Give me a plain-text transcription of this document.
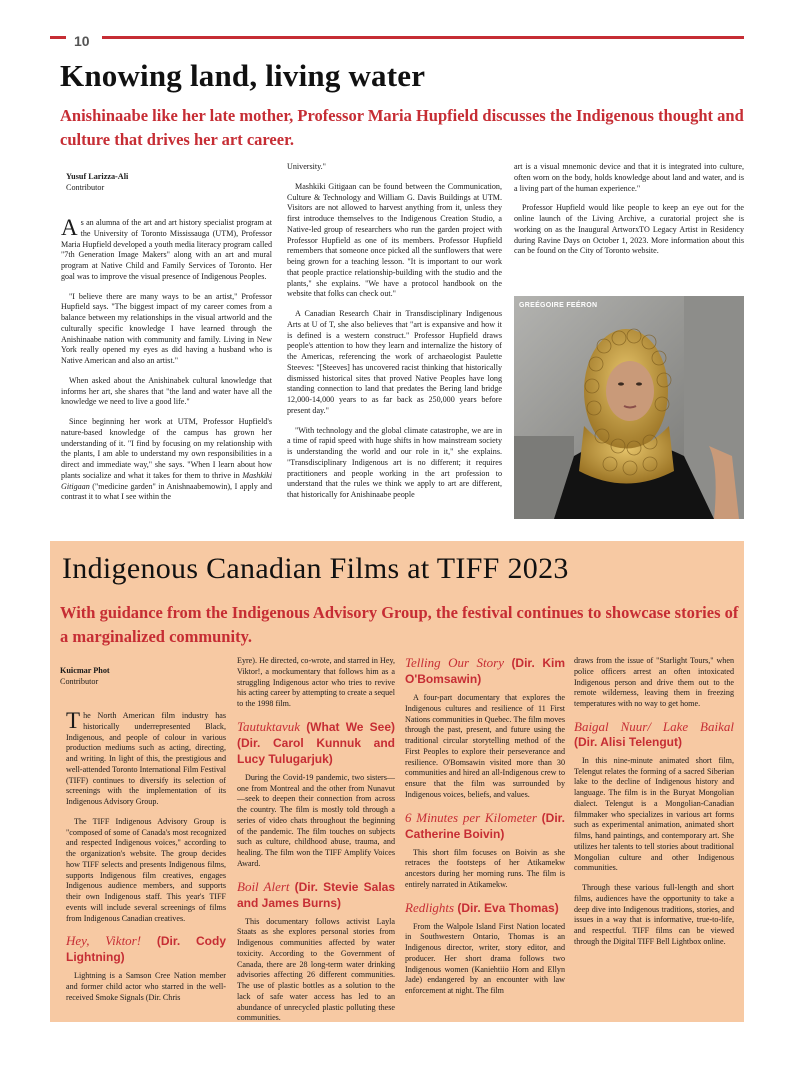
10
Knowing land, living water
Anishinaabe like her late mother, Professor Maria Hupfield discusses the Indigenous thought and culture that drives her art career.
Yusuf Larizza-Ali
Contributor

As an alumna of the art and art history specialist program at the University of Toronto Mississauga (UTM), Professor Maria Hupfield developed a youth media literacy program called "7th Generation Image Makers" along with an art and mural program at Native Child and Family Services of Toronto. Her goal was to improve the visual presence of Indigenous Peoples.

"I believe there are many ways to be an artist," Professor Hupfield says. "The biggest impact of my career comes from a balance between my relationships in the visual artworld and the culturally specific knowledge I have learned through the Anishinaabe nation with community and family. Living in New York really opened my eyes as did having a husband who is Native American and also an artist."

When asked about the Anishinabek cultural knowledge that informs her art, she shares that "the land and water have all the knowledge we need to live a good life."

Since beginning her work at UTM, Professor Hupfield's nature-based knowledge of the campus has grown her understanding of it. "I find by focusing on my relationship with the plants, I am able to understand my own responsibilities in a direct and immediate way," she says. "When I learn about how plants socialize and what it takes for them to thrive in Mashkiki Gitigaan ("medicine garden" in Anishnaabemowin), I apply and contrast it to what I see within the

University."

Mashkiki Gitigaan can be found between the Communication, Culture & Technology and William G. Davis Buildings at UTM. Visitors are not allowed to harvest anything from it, unless they first introduce themselves to the Indigenous Creation Studio, a Native-led group of researchers who run the garden project with Professor Hupfield as one of its members. Professor Hupfield remembers that someone once picked all the sunflowers that were being grown for a teaching lesson. "It is important to our work that people practice relationship-building with the studio and the plants," she explains. "We have a protocol handbook on the website that folks can check out."

A Canadian Research Chair in Transdisciplinary Indigenous Arts at U of T, she also believes that "art is expansive and how it is defined is a western construct." Professor Hupfield draws people's attention to how they learn and internalize the history of the Americas, referencing the work of archaeologist Paulette Steeves: "[Steeves] has uncovered racist thinking that historically dismissed historical sites that proved Native Peoples have long standing connection to land that predates the Bering land bridge 12,000-14,000 years to as far back as 250,000 years before present day."

"With technology and the global climate catastrophe, we are in a time of rapid speed with huge shifts in how mainstream society is understanding the world and our role in it," she explains. "Transdisciplinary Indigenous art is no different; it requires practitioners and people working in the art profession to understand that the rules we think we apply to art are different, that historically for Anishinaabe people

art is a visual mnemonic device and that it is integrated into culture, often worn on the body, holds knowledge about land and water, and is a living part of the human experience."

Professor Hupfield would like people to keep an eye out for the online launch of the Living Archive, a curatorial project she is working on as the Inaugural ArtworxTO Legacy Artist in Residency during Ravine Days on October 1, 2023. More information about this can be found on the City of Toronto website.

GREÉGOIRE FEÉRON
Indigenous Canadian Films at TIFF 2023
With guidance from the Indigenous Advisory Group, the festival continues to showcase stories of a marginalized community.
Kuicmar Phot
Contributor

The North American film industry has historically underrepresented Black, Indigenous, and people of colour in various production mediums such as acting, directing, and writing. In light of this, the prestigious and well-attended Toronto International Film Festival (TIFF) continues to diversify its selection of screenings with the implementation of its Indigenous Advisory Group.

The TIFF Indigenous Advisory Group is "composed of some of Canada's most recognized and respected Indigenous voices," according to the organization's website. The group decides how TIFF selects and presents Indigenous films, supports Indigenous film creatives, engages Indigenous audience members, and supports their own Indigenous staff. This year's TIFF events will include several screenings of films from Indigenous Canadian creatives.

Hey, Viktor! (Dir. Cody Lightning)

Lightning is a Samson Cree Nation member and former child actor who starred in the well-received Smoke Signals (Dir. Chris

Eyre). He directed, co-wrote, and starred in Hey, Viktor!, a mockumentary that follows him as a struggling Indigenous actor who tries to revive his acting career by attempting to create a sequel to the 1998 film.

Tautuktavuk (What We See) (Dir. Carol Kunnuk and Lucy Tulugarjuk)

During the Covid-19 pandemic, two sisters—one from Montreal and the other from Nunavut—seek to deepen their connection from across the country. The film is mostly told through a series of video chats throughout the beginning of the pandemic. The film touches on subjects such as culture, childhood abuse, trauma, and healing. The film won the TIFF Amplify Voices Award.

Boil Alert (Dir. Stevie Salas and James Burns)

This documentary follows activist Layla Staats as she explores personal stories from Indigenous communities affected by water toxicity. According to the Government of Canada, there are 28 long-term water drinking advisories affecting 26 different communities. The use of plastic bottles as a solution to the lack of safe water access has led to an abundance of unrecycled plastic polluting these communities.

Telling Our Story (Dir. Kim O'Bomsawin)

A four-part documentary that explores the Indigenous cultures and resilience of 11 First Nations communities in Quebec. The film moves through the past, present, and future using the traditional circular storytelling method of the First Peoples to explore their perseverance and resilience. O'Bomsawin visited more than 30 communities and hired an all-Indigenous crew to ensure that the film was surrounded by Indigenous voices, beliefs, and values.

6 Minutes per Kilometer (Dir. Catherine Boivin)

This short film focuses on Boivin as she retraces the footsteps of her Atikamekw ancestors during her morning runs. The film is entirely narrated in Atikamekw.

Redlights (Dir. Eva Thomas)

From the Walpole Island First Nation located in Southwestern Ontario, Thomas is an Indigenous director, writer, story editor, and producer. Her short drama follows two Indigenous women (Kaniehtiio Horn and Ellyn Jade) endangered by an encounter with law enforcement at night. The film

draws from the issue of "Starlight Tours," when police officers arrest an often intoxicated Indigenous person and drive them out to the remote wilderness, leaving them in freezing temperatures with no way to get home.

Baigal Nuur/ Lake Baikal (Dir. Alisi Telengut)

In this nine-minute animated short film, Telengut relates the forming of a sacred Siberian lake to the decline of Indigenous history and language. The film is in the Buryat Mongolian dialect. Telengut is a Mongolian-Canadian filmmaker who specializes in various art forms such as experimental animation, animated short films, hand paintings, and contemporary art. She utilizes her talents to tell stories about traditional Mongolian culture and other Indigenous communities.

Through these various full-length and short films, audiences have the opportunity to take a deep dive into Indigenous traditions, stories, and issues in a way that is informative, true-to-life, and respectful. TIFF films can be viewed through the Digital TIFF Bell Lightbox online.
